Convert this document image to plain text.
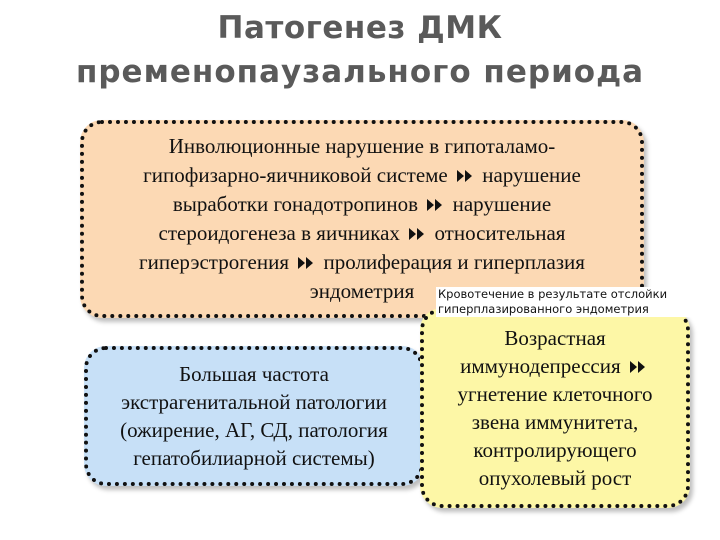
Патогенез ДМК
пременопаузального периода
Инволюционные нарушение в гипоталамо-
гипофизарно-яичниковой системе нарушение
выработки гонадотропинов нарушение
стероидогенеза в яичниках относительная
гиперэстрогения пролиферация и гиперплазия
эндометрия
Большая частота
экстрагенитальной патологии
(ожирение, АГ, СД, патология
гепатобилиарной системы)
Возрастная
иммунодепрессия
угнетение клеточного
звена иммунитета,
контролирующего
опухолевый рост
Кровотечение в результате отслойки
гиперплазированного эндометрия
